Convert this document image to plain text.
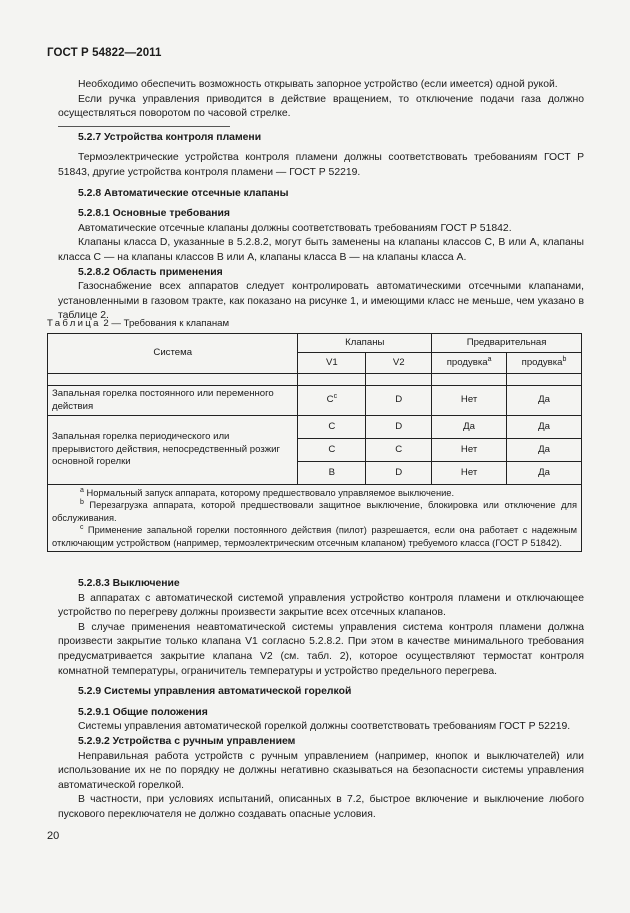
ГОСТ Р 54822—2011

Необходимо обеспечить возможность открывать запорное устройство (если имеется) одной рукой.

Если ручка управления приводится в действие вращением, то отключение подачи газа должно осуществляться поворотом по часовой стрелке.

5.2.7 Устройства контроля пламени

Термоэлектрические устройства контроля пламени должны соответствовать требованиям ГОСТ Р 51843, другие устройства контроля пламени — ГОСТ Р 52219.

5.2.8 Автоматические отсечные клапаны

5.2.8.1 Основные требования

Автоматические отсечные клапаны должны соответствовать требованиям ГОСТ Р 51842.

Клапаны класса D, указанные в 5.2.8.2, могут быть заменены на клапаны классов C, B или A, клапаны класса C — на клапаны классов B или A, клапаны класса B — на клапаны класса A.

5.2.8.2 Область применения

Газоснабжение всех аппаратов следует контролировать автоматическими отсечными клапанами, установленными в газовом тракте, как показано на рисунке 1, и имеющими класс не меньше, чем указано в таблице 2.

Таблица 2 — Требования к клапанам
Система	Клапаны		Предварительная	
	V1	V2	продувка$^a$	продувка$^b$

Запальная горелка постоянного или переменного действия	$C^c$	D	Нет	Да
Запальная горелка периодического или прерывистого действия, непосредственный розжиг основной горелки	C	D	Да	Да
	C	C	Нет	Да
	B	D	Нет	Да

$^a$ Нормальный запуск аппарата, которому предшествовало управляемое выключение.

$^b$ Перезагрузка аппарата, которой предшествовали защитное выключение, блокировка или отключение для обслуживания.

$^c$ Применение запальной горелки постоянного действия (пилот) разрешается, если она работает с надежным отключающим устройством (например, термоэлектрическим отсечным клапаном) требуемого класса (ГОСТ Р 51842).				

5.2.8.3 Выключение

В аппаратах с автоматической системой управления устройство контроля пламени и отключающее устройство по перегреву должны произвести закрытие всех отсечных клапанов.

В случае применения неавтоматической системы управления система контроля пламени должна произвести закрытие только клапана V1 согласно 5.2.8.2. При этом в качестве минимального требования предусматривается закрытие клапана V2 (см. табл. 2), которое осуществляют термостат контроля комнатной температуры, ограничитель температуры и устройство предельного перегрева.

5.2.9 Системы управления автоматической горелкой

5.2.9.1 Общие положения

Системы управления автоматической горелкой должны соответствовать требованиям ГОСТ Р 52219.

5.2.9.2 Устройства с ручным управлением

Неправильная работа устройств с ручным управлением (например, кнопок и выключателей) или использование их не по порядку не должны негативно сказываться на безопасности системы управления автоматической горелкой.

В частности, при условиях испытаний, описанных в 7.2, быстрое включение и выключение любого пускового переключателя не должно создавать опасные условия.

20
